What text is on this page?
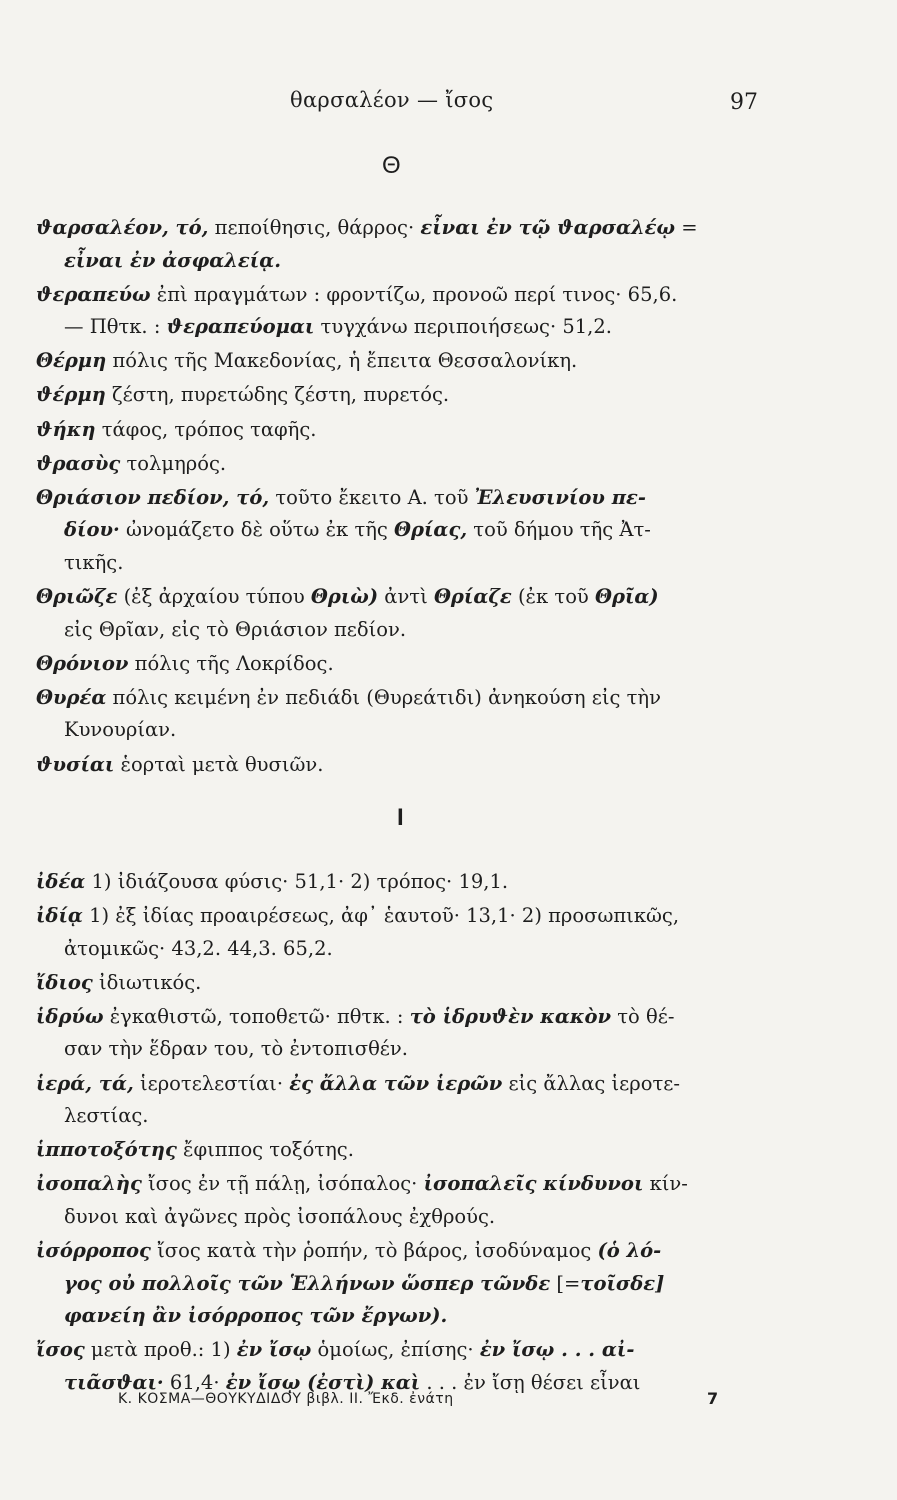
θαρσαλέον — ἴσος	97
Θ
ϑαρσαλέον, τό, πεποίθησις, θάρρος· εἶναι ἐν τῷ ϑαρσαλέῳ =
εἶναι ἐν ἀσφαλείᾳ.
ϑεραπεύω ἐπὶ πραγμάτων : φροντίζω, προνοῶ περί τινος· 65,6.
— Πθτκ. : ϑεραπεύομαι τυγχάνω περιποιήσεως· 51,2.
Θέρμη πόλις τῆς Μακεδονίας, ἡ ἔπειτα Θεσσαλονίκη.
ϑέρμη ζέστη, πυρετώδης ζέστη, πυρετός.
ϑήκη τάφος, τρόπος ταφῆς.
ϑρασὺς τολμηρός.
Θριάσιον πεδίον, τό, τοῦτο ἔκειτο Α. τοῦ Ἐλευσινίου πε-
δίου· ὠνομάζετο δὲ οὕτω ἐκ τῆς Θρίας, τοῦ δήμου τῆς Ἀτ-
τικῆς.
Θριῶζε (ἐξ ἀρχαίου τύπου Θριὼ) ἀντὶ Θρίαζε (ἐκ τοῦ Θρῖα)
εἰς Θρῖαν, εἰς τὸ Θριάσιον πεδίον.
Θρόνιον πόλις τῆς Λοκρίδος.
Θυρέα πόλις κειμένη ἐν πεδιάδι (Θυρεάτιδι) ἀνηκούση εἰς τὴν
Κυνουρίαν.
ϑυσίαι ἑορταὶ μετὰ θυσιῶν.
I
ἰδέα 1) ἰδιάζουσα φύσις· 51,1· 2) τρόπος· 19,1.
ἰδίᾳ 1) ἐξ ἰδίας προαιρέσεως, ἀφ᾽ ἑαυτοῦ· 13,1· 2) προσωπικῶς,
ἀτομικῶς· 43,2. 44,3. 65,2.
ἴδιος ἰδιωτικός.
ἱδρύω ἐγκαθιστῶ, τοποθετῶ· πθτκ. : τὸ ἱδρυϑὲν κακὸν τὸ θέ-
σαν τὴν ἕδραν του, τὸ ἐντοπισθέν.
ἱερά, τά, ἱεροτελεστίαι· ἐς ἄλλα τῶν ἱερῶν εἰς ἄλλας ἱεροτε-
λεστίας.
ἱπποτοξότης ἔφιππος τοξότης.
ἰσοπαλὴς ἴσος ἐν τῇ πάλῃ, ἰσόπαλος· ἰσοπαλεῖς κίνδυνοι κίν-
δυνοι καὶ ἀγῶνες πρὸς ἰσοπάλους ἐχθρούς.
ἰσόρροπος ἴσος κατὰ τὴν ῥοπήν, τὸ βάρος, ἰσοδύναμος (ὁ λό-
γος οὐ πολλοῖς τῶν Ἑλλήνων ὥσπερ τῶνδε [=τοῖσδε]
φανείη ἂν ἰσόρροπος τῶν ἔργων).
ἴσος μετὰ προθ.: 1) ἐν ἴσῳ ὁμοίως, ἐπίσης· ἐν ἴσῳ . . . αἰ-
τιᾶσϑαι· 61,4· ἐν ἴσῳ (ἐστὶ) καὶ . . . ἐν ἴσῃ θέσει εἶναι
Κ. ΚΟΣΜΑ—ΘΟΥΚΥΔΙΔΟΥ βιβλ. ΙΙ. Ἔκδ. ἐνάτη	7
